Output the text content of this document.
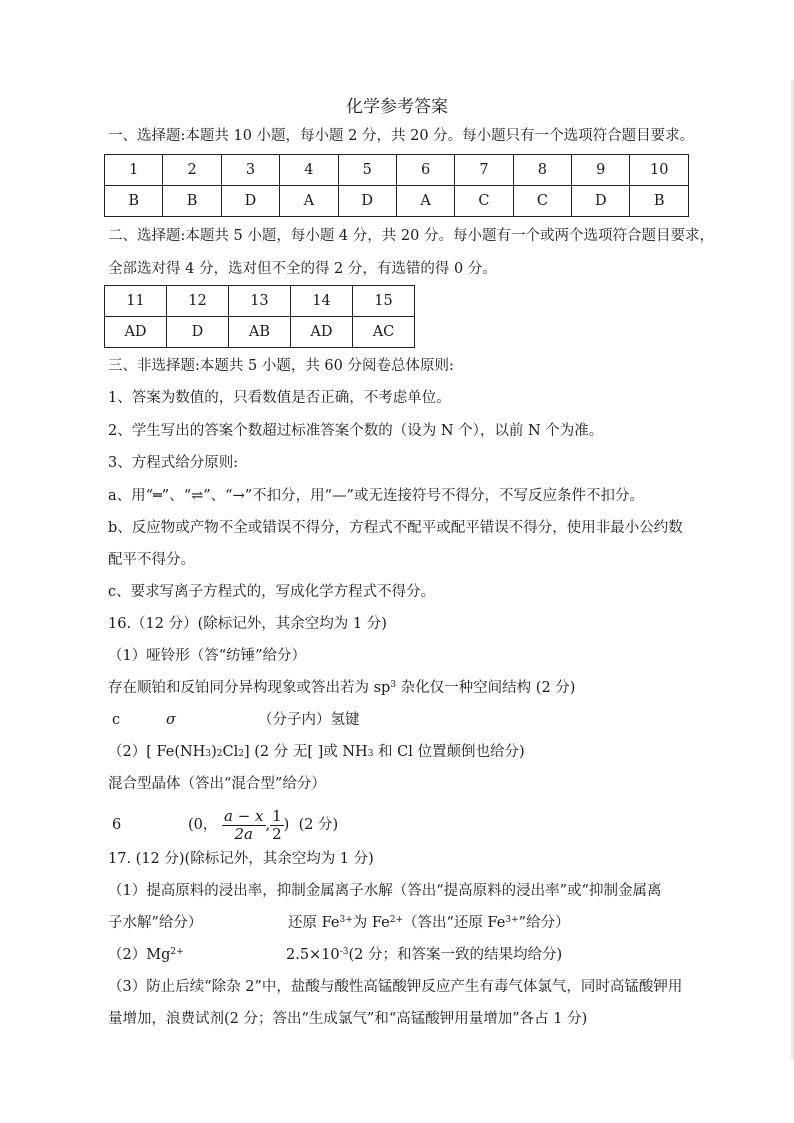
化学参考答案
一、选择题:本题共 10 小题，每小题 2 分，共 20 分。每小题只有一个选项符合题目要求。
1	2	3	4	5	6	7	8	9	10
B	B	D	A	D	A	C	C	D	B
二、选择题:本题共 5 小题，每小题 4 分，共 20 分。每小题有一个或两个选项符合题目要求，
全部选对得 4 分，选对但不全的得 2 分，有选错的得 0 分。
11	12	13	14	15
AD	D	AB	AD	AC
三、非选择题:本题共 5 小题，共 60 分阅卷总体原则:
1、答案为数值的，只看数值是否正确，不考虑单位。
2、学生写出的答案个数超过标准答案个数的（设为 N 个），以前 N 个为准。
3、方程式给分原则:
a、用“═”、“⇌”、“→”不扣分，用“—”或无连接符号不得分，不写反应条件不扣分。
b、反应物或产物不全或错误不得分，方程式不配平或配平错误不得分，使用非最小公约数
配平不得分。
c、要求写离子方程式的，写成化学方程式不得分。
16.（12 分）(除标记外，其余空均为 1 分)
（1）哑铃形（答“纺锤”给分）
存在顺铂和反铂同分异构现象或答出若为 $sp^3$ 杂化仅一种空间结构 (2 分)
c	σ	（分子内）氢键
（2）[ $Fe(NH_3)_2Cl_2$] (2 分 无[ ]或 $NH_3$ 和 Cl 位置颠倒也给分)
混合型晶体（答出“混合型”给分）
6	(0， $\frac{a - x}{2a}$ , $\frac{1}{2}$ ) (2 分)
17. (12 分)(除标记外，其余空均为 1 分)
（1）提高原料的浸出率，抑制金属离子水解（答出“提高原料的浸出率”或“抑制金属离
子水解”给分）	还原 $Fe^{3+}$为 $Fe^{2+}$（答出“还原 $Fe^{3+}$”给分）
$(2)Mg^{2+}$	$2.5\times 10^{-3}(2$ 分；和答案一致的结果均给分)
（3）防止后续“除杂 2”中，盐酸与酸性高锰酸钾反应产生有毒气体氯气，同时高锰酸钾用
量增加，浪费试剂(2 分；答出“生成氯气”和“高锰酸钾用量增加”各占 1 分)
